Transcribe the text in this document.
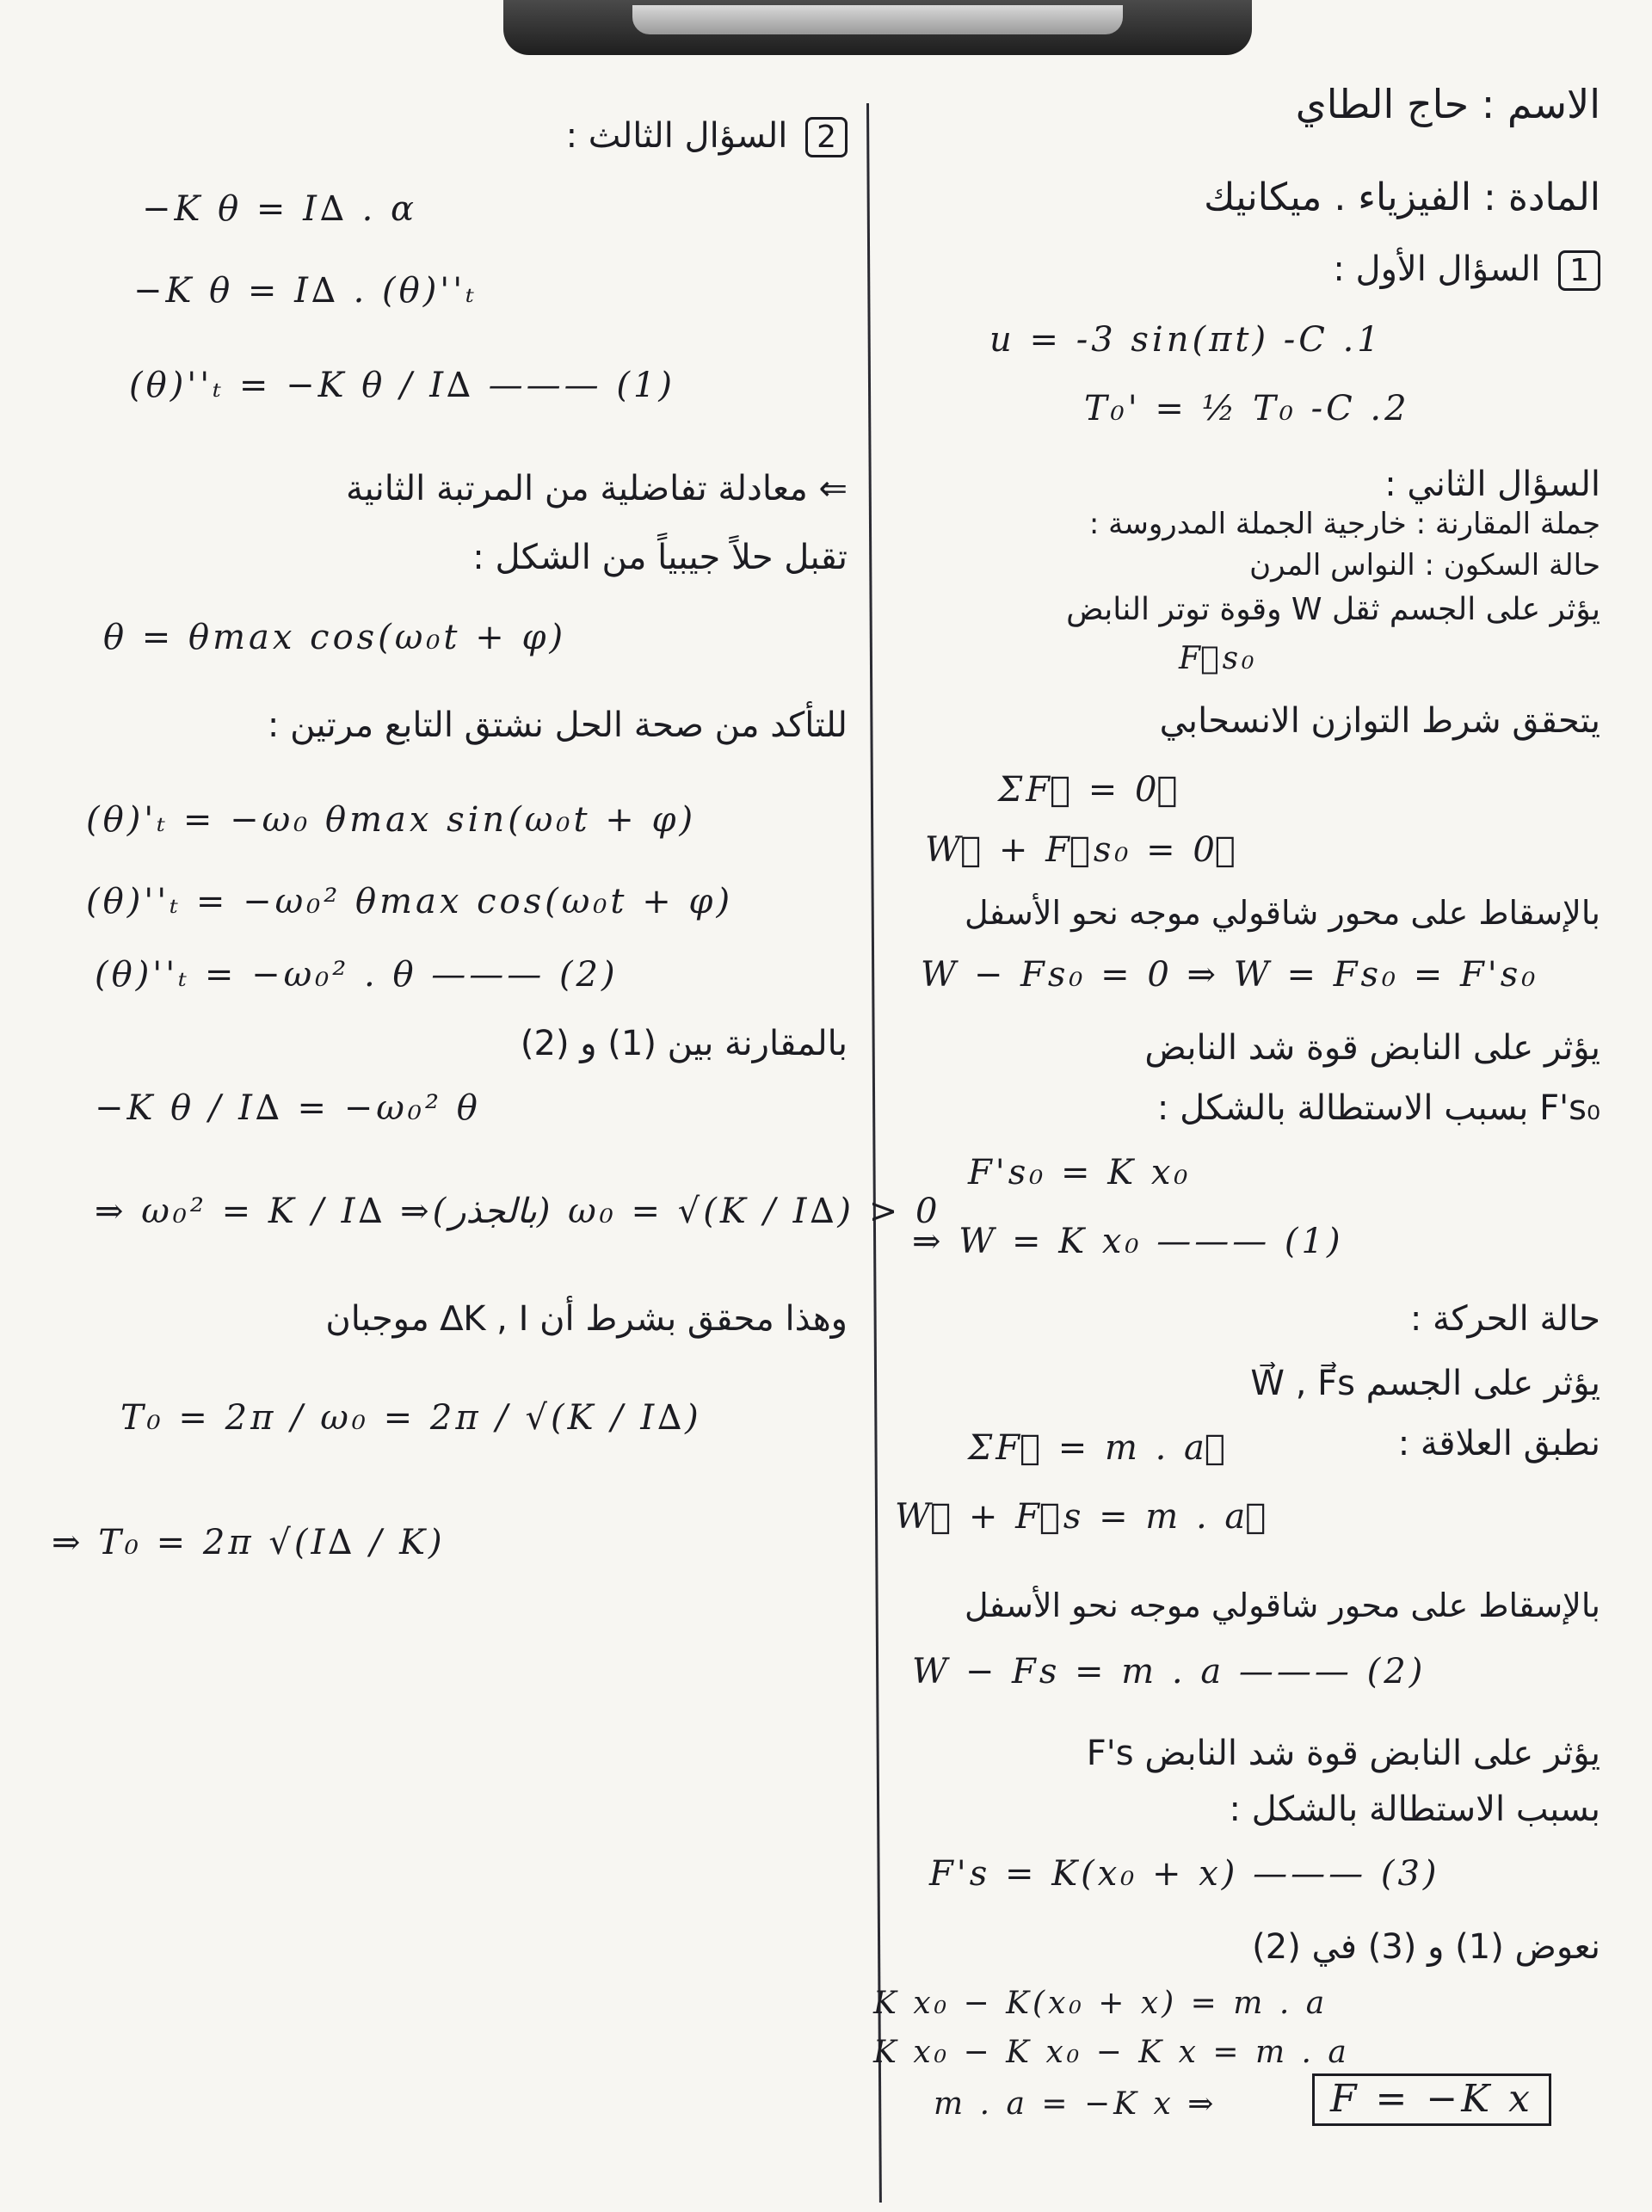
الاسم : حاج الطاي
المادة : الفيزياء . ميكانيك
1 السؤال الأول :
u = -3 sin(πt) -C .1
T₀' = ½ T₀ -C .2
السؤال الثاني :
جملة المقارنة : خارجية الجملة المدروسة :
حالة السكون : النواس المرن
يؤثر على الجسم ثقل W وقوة توتر النابض
F⃗s₀
يتحقق شرط التوازن الانسحابي
ΣF⃗ = 0⃗
W⃗ + F⃗s₀ = 0⃗
بالإسقاط على محور شاقولي موجه نحو الأسفل
W − Fs₀ = 0 ⇒ W = Fs₀ = F's₀
يؤثر على النابض قوة شد النابض
F's₀ بسبب الاستطالة بالشكل :
F's₀ = K x₀
⇒ W = K x₀ ——— (1)
حالة الحركة :
يؤثر على الجسم W⃗ , F⃗s
نطبق العلاقة :
ΣF⃗ = m . a⃗
W⃗ + F⃗s = m . a⃗
بالإسقاط على محور شاقولي موجه نحو الأسفل
W − Fs = m . a ——— (2)
يؤثر على النابض قوة شد النابض F's
بسبب الاستطالة بالشكل :
F's = K(x₀ + x) ——— (3)
نعوض (1) و (3) في (2)
K x₀ − K(x₀ + x) = m . a
K x₀ − K x₀ − K x = m . a
m . a = −K x ⇒	F = −K x
2 السؤال الثالث :
−K θ = I∆ . α
−K θ = I∆ . (θ)''ₜ
(θ)''ₜ = −K θ / I∆ ——— (1)
⇐ معادلة تفاضلية من المرتبة الثانية
تقبل حلاً جيبياً من الشكل :
θ = θmax cos(ω₀t + φ)
للتأكد من صحة الحل نشتق التابع مرتين :
(θ)'ₜ = −ω₀ θmax sin(ω₀t + φ)
(θ)''ₜ = −ω₀² θmax cos(ω₀t + φ)
(θ)''ₜ = −ω₀² . θ ——— (2)
بالمقارنة بين (1) و (2)
−K θ / I∆ = −ω₀² θ
⇒ ω₀² = K / I∆ ⇒(بالجذر) ω₀ = √(K / I∆) > 0
وهذا محقق بشرط أن K , I∆ موجبان
T₀ = 2π / ω₀ = 2π / √(K / I∆)
⇒ T₀ = 2π √(I∆ / K)
